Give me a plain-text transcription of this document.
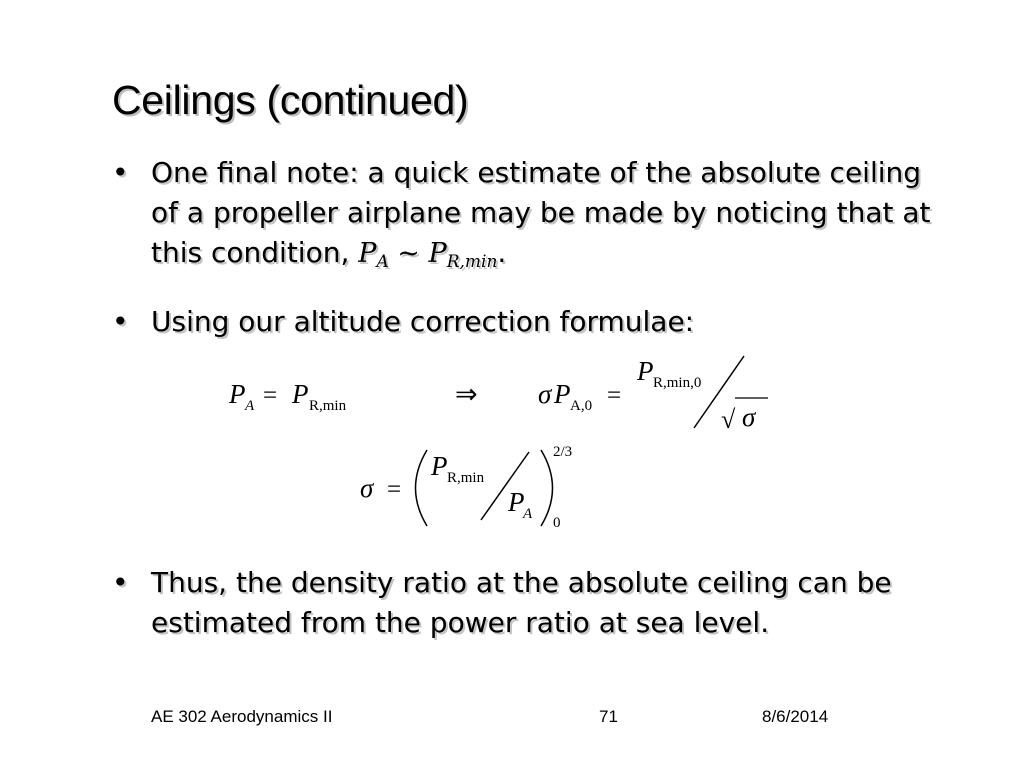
Ceilings (continued)
• One final note: a quick estimate of the absolute ceiling of a propeller airplane may be made by noticing that at this condition, $P_A$ ~ $P_{R,min}$.
• Using our altitude correction formulae:
P A = P R,min	⇒ σ P A,0 =
P R,min,0
√ σ
σ =
P R,min
P
A
2/3
0
• Thus, the density ratio at the absolute ceiling can be estimated from the power ratio at sea level.
AE 302 Aerodynamics II	71	8/6/2014
